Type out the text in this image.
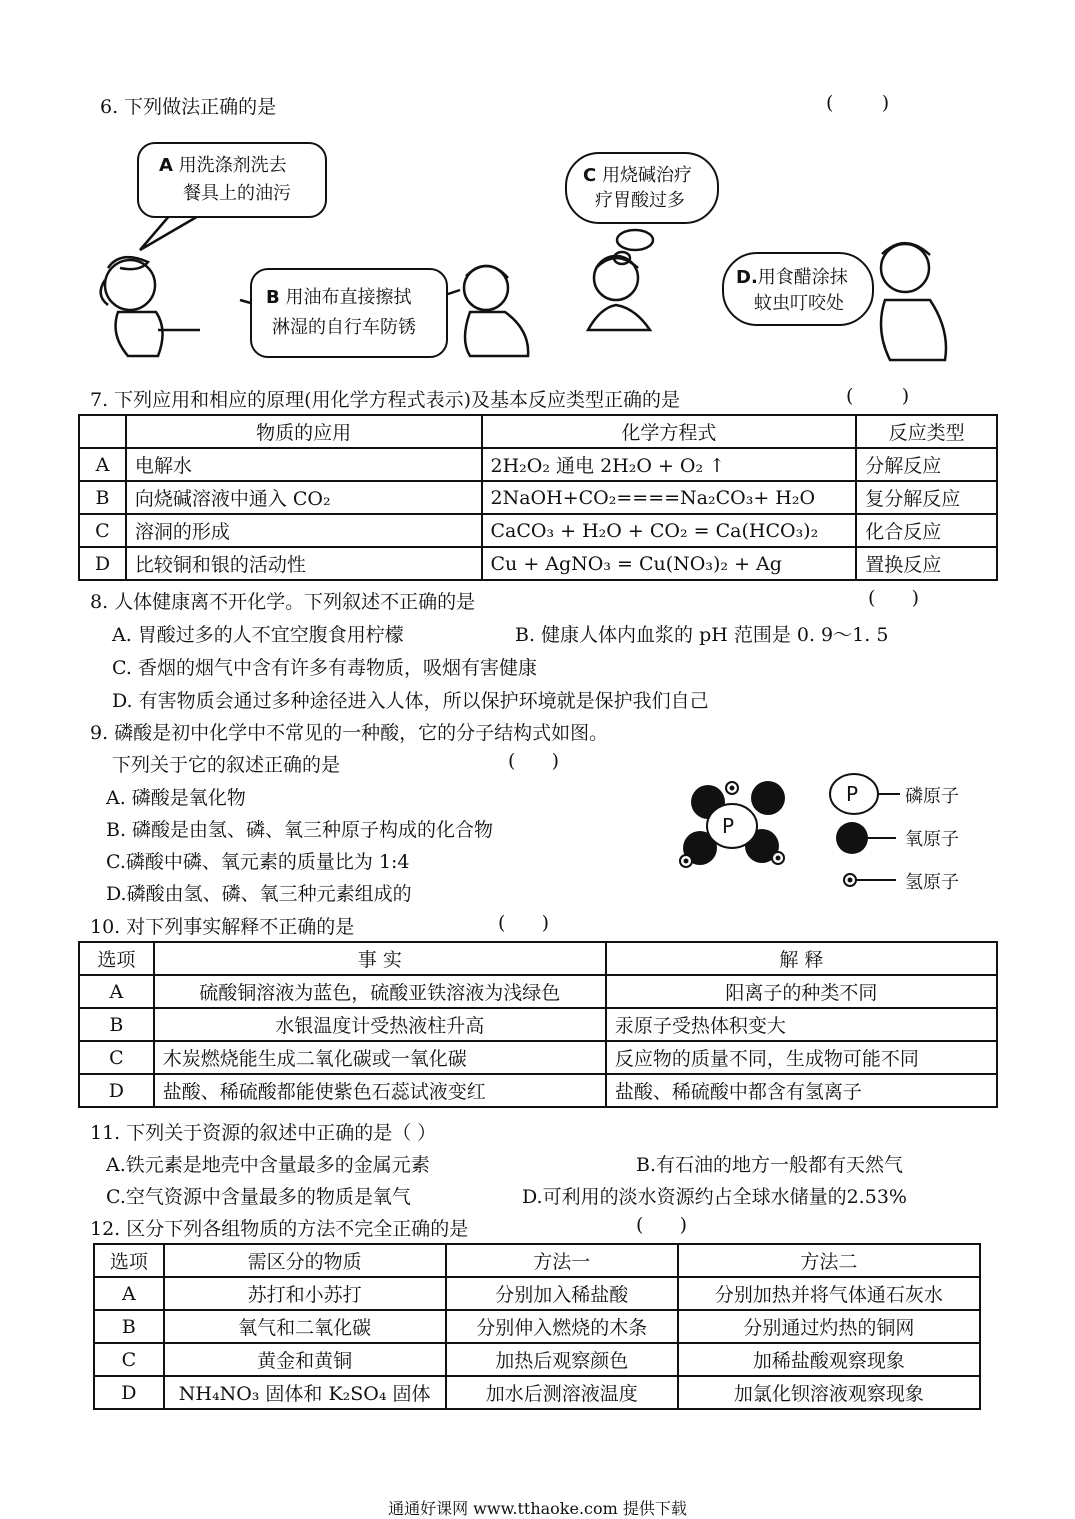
6. 下列做法正确的是	(        )
A 用洗涤剂洗去
餐具上的油污
B 用油布直接擦拭
淋湿的自行车防锈
C 用烧碱治疗
疗胃酸过多
D.用食醋涂抹
蚊虫叮咬处
7. 下列应用和相应的原理(用化学方程式表示)及基本反应类型正确的是	(        )
	物质的应用	化学方程式	反应类型
A	电解水	2H₂O₂ 通电 2H₂O + O₂ ↑	分解反应
B	向烧碱溶液中通入 CO₂	2NaOH+CO₂====Na₂CO₃+ H₂O	复分解反应
C	溶洞的形成	CaCO₃ + H₂O + CO₂ = Ca(HCO₃)₂	化合反应
D	比较铜和银的活动性	Cu + AgNO₃ = Cu(NO₃)₂ + Ag	置换反应
8. 人体健康离不开化学。下列叙述不正确的是	(      )
A. 胃酸过多的人不宜空腹食用柠檬	B. 健康人体内血浆的 pH 范围是 0. 9～1. 5
C. 香烟的烟气中含有许多有毒物质，吸烟有害健康
D. 有害物质会通过多种途径进入人体，所以保护环境就是保护我们自己
9. 磷酸是初中化学中不常见的一种酸，它的分子结构式如图。
下列关于它的叙述正确的是	(      )
A. 磷酸是氧化物
B. 磷酸是由氢、磷、氧三种原子构成的化合物
C.磷酸中磷、氧元素的质量比为 1:4
D.磷酸由氢、磷、氧三种元素组成的
P
P	磷原子
氧原子
氢原子
10. 对下列事实解释不正确的是	(      )
选项	事 实	解 释
A	硫酸铜溶液为蓝色，硫酸亚铁溶液为浅绿色	阳离子的种类不同
B	水银温度计受热液柱升高	汞原子受热体积变大
C	木炭燃烧能生成二氧化碳或一氧化碳	反应物的质量不同，生成物可能不同
D	盐酸、稀硫酸都能使紫色石蕊试液变红	盐酸、稀硫酸中都含有氢离子
11. 下列关于资源的叙述中正确的是（ ）
A.铁元素是地壳中含量最多的金属元素	B.有石油的地方一般都有天然气
C.空气资源中含量最多的物质是氧气	D.可利用的淡水资源约占全球水储量的2.53%
12. 区分下列各组物质的方法不完全正确的是	(      )
选项	需区分的物质	方法一	方法二
A	苏打和小苏打	分别加入稀盐酸	分别加热并将气体通石灰水
B	氧气和二氧化碳	分别伸入燃烧的木条	分别通过灼热的铜网
C	黄金和黄铜	加热后观察颜色	加稀盐酸观察现象
D	NH₄NO₃ 固体和 K₂SO₄ 固体	加水后测溶液温度	加氯化钡溶液观察现象
通通好课网 www.tthaoke.com 提供下载
